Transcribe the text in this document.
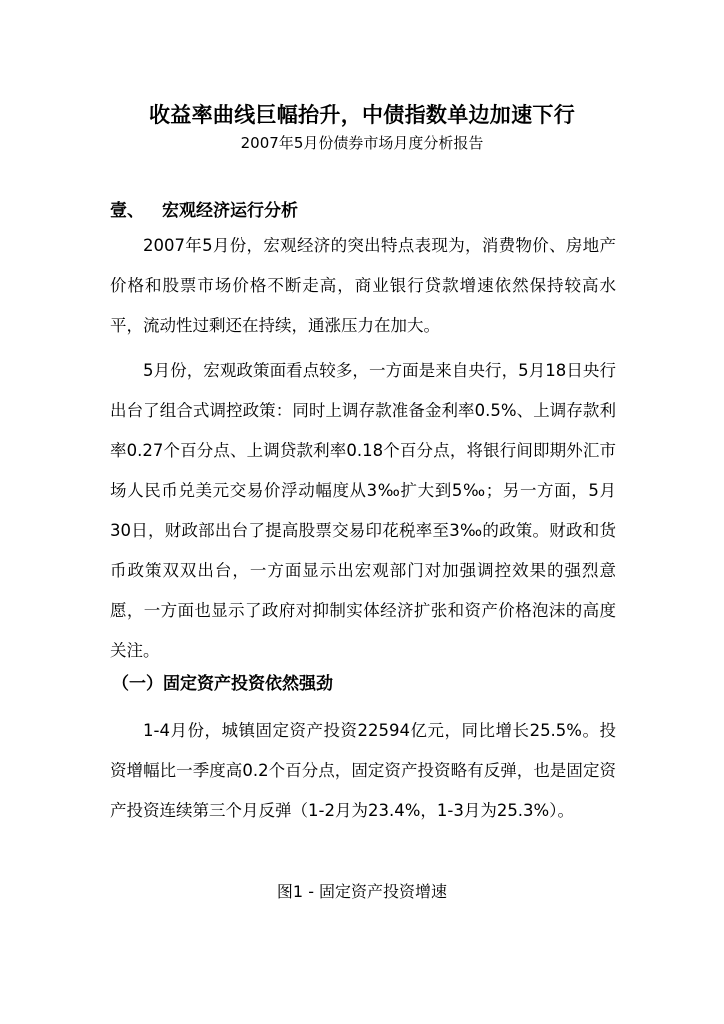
收益率曲线巨幅抬升，中债指数单边加速下行
2007年5月份债券市场月度分析报告
壹、 宏观经济运行分析

2007年5月份，宏观经济的突出特点表现为，消费物价、房地产价格和股票市场价格不断走高，商业银行贷款增速依然保持较高水平，流动性过剩还在持续，通涨压力在加大。

5月份，宏观政策面看点较多，一方面是来自央行，5月18日央行出台了组合式调控政策：同时上调存款准备金利率0.5%、上调存款利率0.27个百分点、上调贷款利率0.18个百分点，将银行间即期外汇市场人民币兑美元交易价浮动幅度从3‰扩大到5‰；另一方面，5月30日，财政部出台了提高股票交易印花税率至3‰的政策。财政和货币政策双双出台，一方面显示出宏观部门对加强调控效果的强烈意愿，一方面也显示了政府对抑制实体经济扩张和资产价格泡沫的高度关注。

（一）固定资产投资依然强劲

1-4月份，城镇固定资产投资22594亿元，同比增长25.5%。投资增幅比一季度高0.2个百分点，固定资产投资略有反弹，也是固定资产投资连续第三个月反弹（1-2月为23.4%，1-3月为25.3%）。

图1 - 固定资产投资增速
